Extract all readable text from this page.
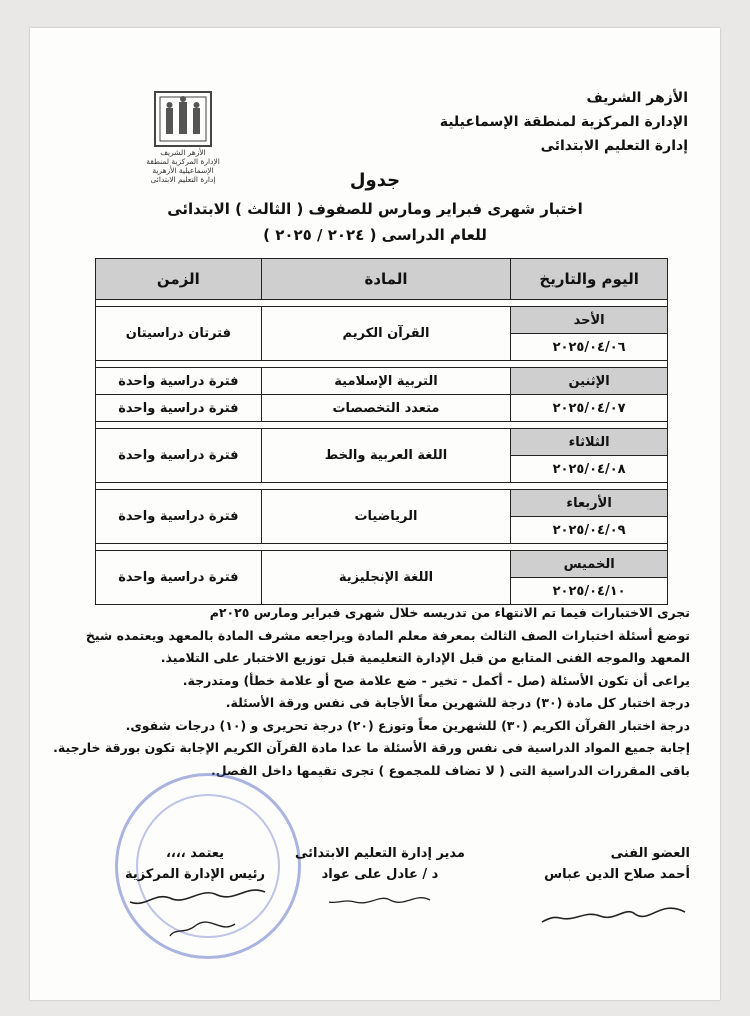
الأزهر الشريف
الإدارة المركزية لمنطقة الإسماعيلية
إدارة التعليم الابتدائى
الأزهر الشريف
الإدارة المركزية لمنطقة الإسماعيلية الأزهرية
إدارة التعليم الابتدائى	جدول
اختبار شهرى فبراير ومارس للصفوف ( الثالث ) الابتدائى
للعام الدراسى ( ٢٠٢٤ / ٢٠٢٥ )
اليوم والتاريخ	المادة	الزمن

الأحد	القرآن الكريم	فترتان دراسيتان
٢٠٢٥/٠٤/٠٦		

الإثنين	التربية الإسلامية	فترة دراسية واحدة
٢٠٢٥/٠٤/٠٧	متعدد التخصصات	فترة دراسية واحدة

الثلاثاء	اللغة العربية والخط	فترة دراسية واحدة
٢٠٢٥/٠٤/٠٨		

الأربعاء	الرياضيات	فترة دراسية واحدة
٢٠٢٥/٠٤/٠٩		

الخميس	اللغة الإنجليزية	فترة دراسية واحدة
٢٠٢٥/٠٤/١٠		

تجرى الاختبارات فيما تم الانتهاء من تدريسه خلال شهرى فبراير ومارس ٢٠٢٥م

توضع أسئلة اختبارات الصف الثالث بمعرفة معلم المادة ويراجعه مشرف المادة بالمعهد ويعتمده شيخ

المعهد والموجه الفنى المتابع من قبل الإدارة التعليمية قبل توزيع الاختبار على التلاميذ.

يراعى أن تكون الأسئلة (صل - أكمل - تخير - ضع علامة صح أو علامة خطأ) ومتدرجة.

درجة اختبار كل مادة (٣٠) درجة للشهرين معاً الأجابة فى نفس ورقة الأسئلة.

درجة اختبار القرآن الكريم (٣٠) للشهرين معاً وتوزع (٢٠) درجة تحريرى و (١٠) درجات شفوى.

إجابة جميع المواد الدراسية فى نفس ورقة الأسئلة ما عدا مادة القرآن الكريم الإجابة تكون بورقة خارجية.

باقى المقررات الدراسية التى ( لا تضاف للمجموع ) تجرى تقيمها داخل الفصل.

العضو الفنى
أحمد صلاح الدين عباس
مدير إدارة التعليم الابتدائى
د / عادل على عواد
يعتمد ،،،،
رئيس الإدارة المركزية
